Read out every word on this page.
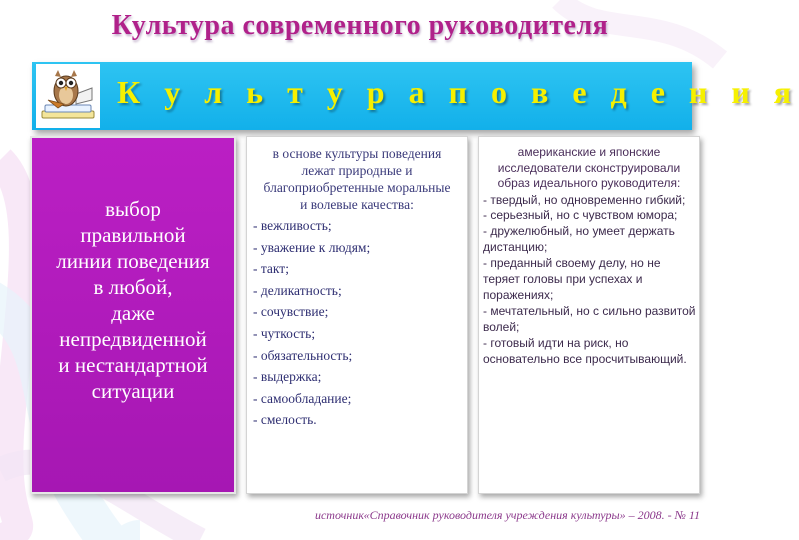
Культура современного руководителя
К у л ь т у р а п о в е д е н и я
выбор
правильной
линии поведения
в любой,
даже
непредвиденной
и нестандартной
ситуации
в основе культуры поведения лежат природные и благоприобретенные моральные и волевые качества:
- вежливость;
- уважение к людям;
- такт;
- деликатность;
- сочувствие;
- чуткость;
- обязательность;
- выдержка;
- самообладание;
- смелость.
американские и японские исследователи сконструировали образ идеального руководителя:
- твердый, но одновременно гибкий;
- серьезный, но с чувством юмора;
- дружелюбный, но умеет держать дистанцию;
- преданный своему делу, но не теряет головы при успехах и поражениях;
- мечтательный, но с сильно развитой волей;
- готовый идти на риск, но основательно все просчитывающий.
источник«Справочник руководителя учреждения культуры» – 2008. - № 11
